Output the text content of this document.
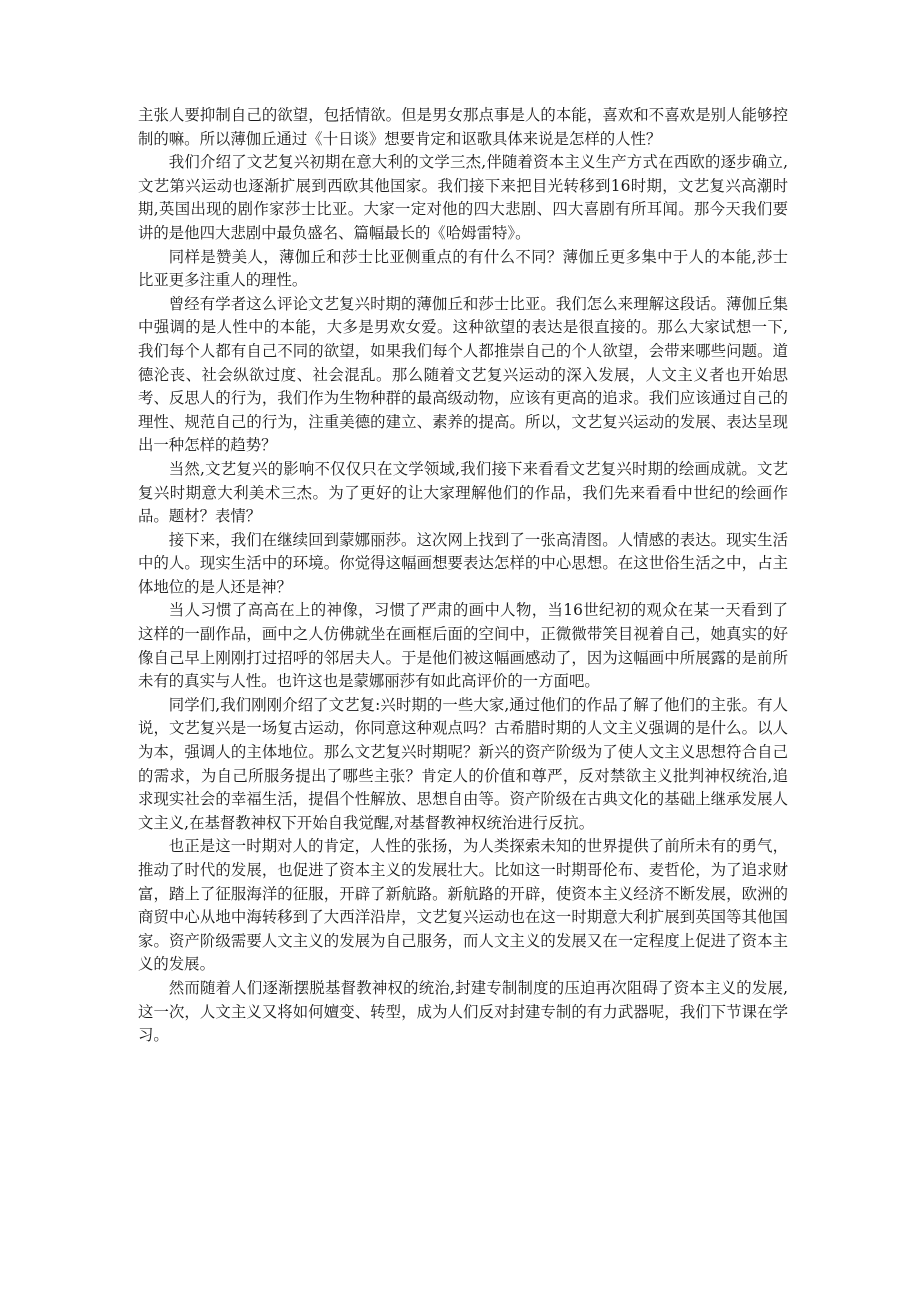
主张人要抑制自己的欲望，包括情欲。但是男女那点事是人的本能，喜欢和不喜欢是别人能够控制的嘛。所以薄伽丘通过《十日谈》想要肯定和讴歌具体来说是怎样的人性？

我们介绍了文艺复兴初期在意大利的文学三杰,伴随着资本主义生产方式在西欧的逐步确立,文艺第兴运动也逐渐扩展到西欧其他国家。我们接下来把目光转移到16时期，文艺复兴高潮时期,英国出现的剧作家莎士比亚。大家一定对他的四大悲剧、四大喜剧有所耳闻。那今天我们要讲的是他四大悲剧中最负盛名、篇幅最长的《哈姆雷特》。

同样是赞美人，薄伽丘和莎士比亚侧重点的有什么不同？薄伽丘更多集中于人的本能,莎士比亚更多注重人的理性。

曾经有学者这么评论文艺复兴时期的薄伽丘和莎士比亚。我们怎么来理解这段话。薄伽丘集中强调的是人性中的本能，大多是男欢女爱。这种欲望的表达是很直接的。那么大家试想一下,我们每个人都有自己不同的欲望，如果我们每个人都推崇自己的个人欲望，会带来哪些问题。道德沦丧、社会纵欲过度、社会混乱。那么随着文艺复兴运动的深入发展，人文主义者也开始思考、反思人的行为，我们作为生物种群的最高级动物，应该有更高的追求。我们应该通过自己的理性、规范自己的行为，注重美德的建立、素养的提高。所以，文艺复兴运动的发展、表达呈现出一种怎样的趋势？

当然,文艺复兴的影响不仅仅只在文学领域,我们接下来看看文艺复兴时期的绘画成就。文艺复兴时期意大利美术三杰。为了更好的让大家理解他们的作品，我们先来看看中世纪的绘画作品。题材？表情？

接下来，我们在继续回到蒙娜丽莎。这次网上找到了一张高清图。人情感的表达。现实生活中的人。现实生活中的环境。你觉得这幅画想要表达怎样的中心思想。在这世俗生活之中，占主体地位的是人还是神？

当人习惯了高高在上的神像，习惯了严肃的画中人物，当16世纪初的观众在某一天看到了这样的一副作品，画中之人仿佛就坐在画框后面的空间中，正微微带笑目视着自己，她真实的好像自己早上刚刚打过招呼的邻居夫人。于是他们被这幅画感动了，因为这幅画中所展露的是前所未有的真实与人性。也许这也是蒙娜丽莎有如此高评价的一方面吧。

同学们,我们刚刚介绍了文艺复:兴时期的一些大家,通过他们的作品了解了他们的主张。有人说，文艺复兴是一场复古运动，你同意这种观点吗？古希腊时期的人文主义强调的是什么。以人为本，强调人的主体地位。那么文艺复兴时期呢？新兴的资产阶级为了使人文主义思想符合自己的需求，为自己所服务提出了哪些主张？肯定人的价值和尊严，反对禁欲主义批判神权统治,追求现实社会的幸福生活，提倡个性解放、思想自由等。资产阶级在古典文化的基础上继承发展人文主义,在基督教神权下开始自我觉醒,对基督教神权统治进行反抗。

也正是这一时期对人的肯定，人性的张扬，为人类探索未知的世界提供了前所未有的勇气，推动了时代的发展，也促进了资本主义的发展壮大。比如这一时期哥伦布、麦哲伦，为了追求财富，踏上了征服海洋的征服，开辟了新航路。新航路的开辟，使资本主义经济不断发展，欧洲的商贸中心从地中海转移到了大西洋沿岸，文艺复兴运动也在这一时期意大利扩展到英国等其他国家。资产阶级需要人文主义的发展为自己服务，而人文主义的发展又在一定程度上促进了资本主义的发展。

然而随着人们逐渐摆脱基督教神权的统治,封建专制制度的压迫再次阻碍了资本主义的发展,这一次，人文主义又将如何嬗变、转型，成为人们反对封建专制的有力武器呢，我们下节课在学习。
